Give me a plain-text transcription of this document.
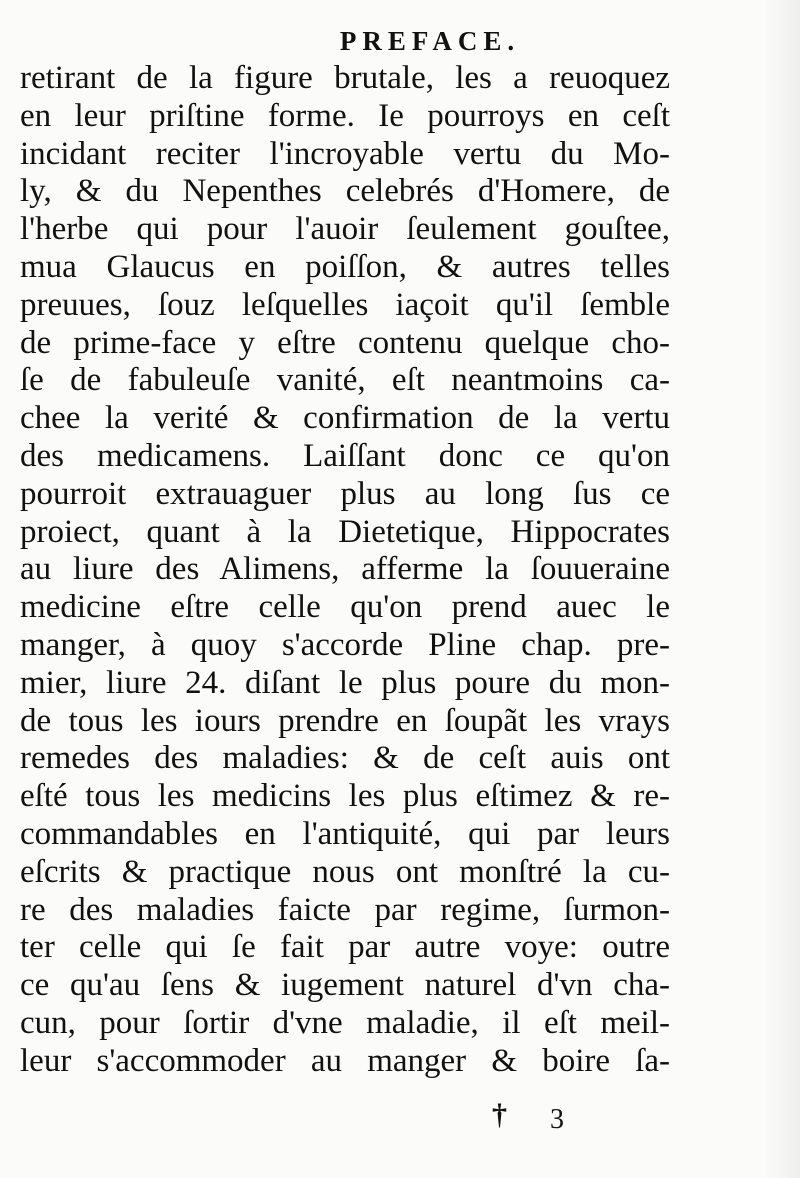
PREFACE.
retirant de la figure brutale, les a reuoquez
en leur priſtine forme. Ie pourroys en ceſt
incidant reciter l'incroyable vertu du Mo-
ly, & du Nepenthes celebrés d'Homere, de
l'herbe qui pour l'auoir ſeulement gouſtee,
mua Glaucus en poiſſon, & autres telles
preuues, ſouz leſquelles iaçoit qu'il ſemble
de prime-face y eſtre contenu quelque cho-
ſe de fabuleuſe vanité, eſt neantmoins ca-
chee la verité & confirmation de la vertu
des medicamens. Laiſſant donc ce qu'on
pourroit extrauaguer plus au long ſus ce
proiect, quant à la Dietetique, Hippocrates
au liure des Alimens, afferme la ſouueraine
medicine eſtre celle qu'on prend auec le
manger, à quoy s'accorde Pline chap. pre-
mier, liure 24. diſant le plus poure du mon-
de tous les iours prendre en ſoupãt les vrays
remedes des maladies: & de ceſt auis ont
eſté tous les medicins les plus eſtimez & re-
commandables en l'antiquité, qui par leurs
eſcrits & practique nous ont monſtré la cu-
re des maladies faicte par regime, ſurmon-
ter celle qui ſe fait par autre voye: outre
ce qu'au ſens & iugement naturel d'vn cha-
cun, pour ſortir d'vne maladie, il eſt meil-
leur s'accommoder au manger & boire ſa-
† 3
